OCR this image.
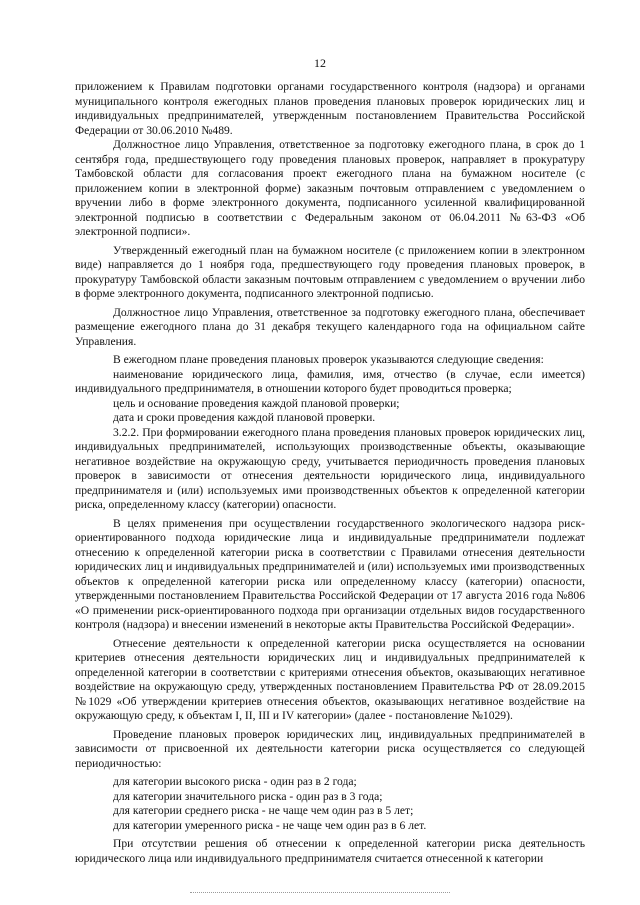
12

приложением к Правилам подготовки органами государственного контроля (надзора) и органами муниципального контроля ежегодных планов проведения плановых проверок юридических лиц и индивидуальных предпринимателей, утвержденным постановлением Правительства Российской Федерации от 30.06.2010 №489.

Должностное лицо Управления, ответственное за подготовку ежегодного плана, в срок до 1 сентября года, предшествующего году проведения плановых проверок, направляет в прокуратуру Тамбовской области для согласования проект ежегодного плана на бумажном носителе (с приложением копии в электронной форме) заказным почтовым отправлением с уведомлением о вручении либо в форме электронного документа, подписанного усиленной квалифицированной электронной подписью в соответствии с Федеральным законом от 06.04.2011 №63-ФЗ «Об электронной подписи».

Утвержденный ежегодный план на бумажном носителе (с приложением копии в электронном виде) направляется до 1 ноября года, предшествующего году проведения плановых проверок, в прокуратуру Тамбовской области заказным почтовым отправлением с уведомлением о вручении либо в форме электронного документа, подписанного электронной подписью.

Должностное лицо Управления, ответственное за подготовку ежегодного плана, обеспечивает размещение ежегодного плана до 31 декабря текущего календарного года на официальном сайте Управления.

В ежегодном плане проведения плановых проверок указываются следующие сведения:

наименование юридического лица, фамилия, имя, отчество (в случае, если имеется) индивидуального предпринимателя, в отношении которого будет проводиться проверка;

цель и основание проведения каждой плановой проверки;

дата и сроки проведения каждой плановой проверки.

3.2.2. При формировании ежегодного плана проведения плановых проверок юридических лиц, индивидуальных предпринимателей, использующих производственные объекты, оказывающие негативное воздействие на окружающую среду, учитывается периодичность проведения плановых проверок в зависимости от отнесения деятельности юридического лица, индивидуального предпринимателя и (или) используемых ими производственных объектов к определенной категории риска, определенному классу (категории) опасности.

В целях применения при осуществлении государственного экологического надзора риск-ориентированного подхода юридические лица и индивидуальные предприниматели подлежат отнесению к определенной категории риска в соответствии с Правилами отнесения деятельности юридических лиц и индивидуальных предпринимателей и (или) используемых ими производственных объектов к определенной категории риска или определенному классу (категории) опасности, утвержденными постановлением Правительства Российской Федерации от 17 августа 2016 года №806 «О применении риск-ориентированного подхода при организации отдельных видов государственного контроля (надзора) и внесении изменений в некоторые акты Правительства Российской Федерации».

Отнесение деятельности к определенной категории риска осуществляется на основании критериев отнесения деятельности юридических лиц и индивидуальных предпринимателей к определенной категории в соответствии с критериями отнесения объектов, оказывающих негативное воздействие на окружающую среду, утвержденных постановлением Правительства РФ от 28.09.2015 №1029 «Об утверждении критериев отнесения объектов, оказывающих негативное воздействие на окружающую среду, к объектам I, II, III и IV категории» (далее - постановление №1029).

Проведение плановых проверок юридических лиц, индивидуальных предпринимателей в зависимости от присвоенной их деятельности категории риска осуществляется со следующей периодичностью:

для категории высокого риска - один раз в 2 года;

для категории значительного риска - один раз в 3 года;

для категории среднего риска - не чаще чем один раз в 5 лет;

для категории умеренного риска - не чаще чем один раз в 6 лет.

При отсутствии решения об отнесении к определенной категории риска деятельность юридического лица или индивидуального предпринимателя считается отнесенной к категории
